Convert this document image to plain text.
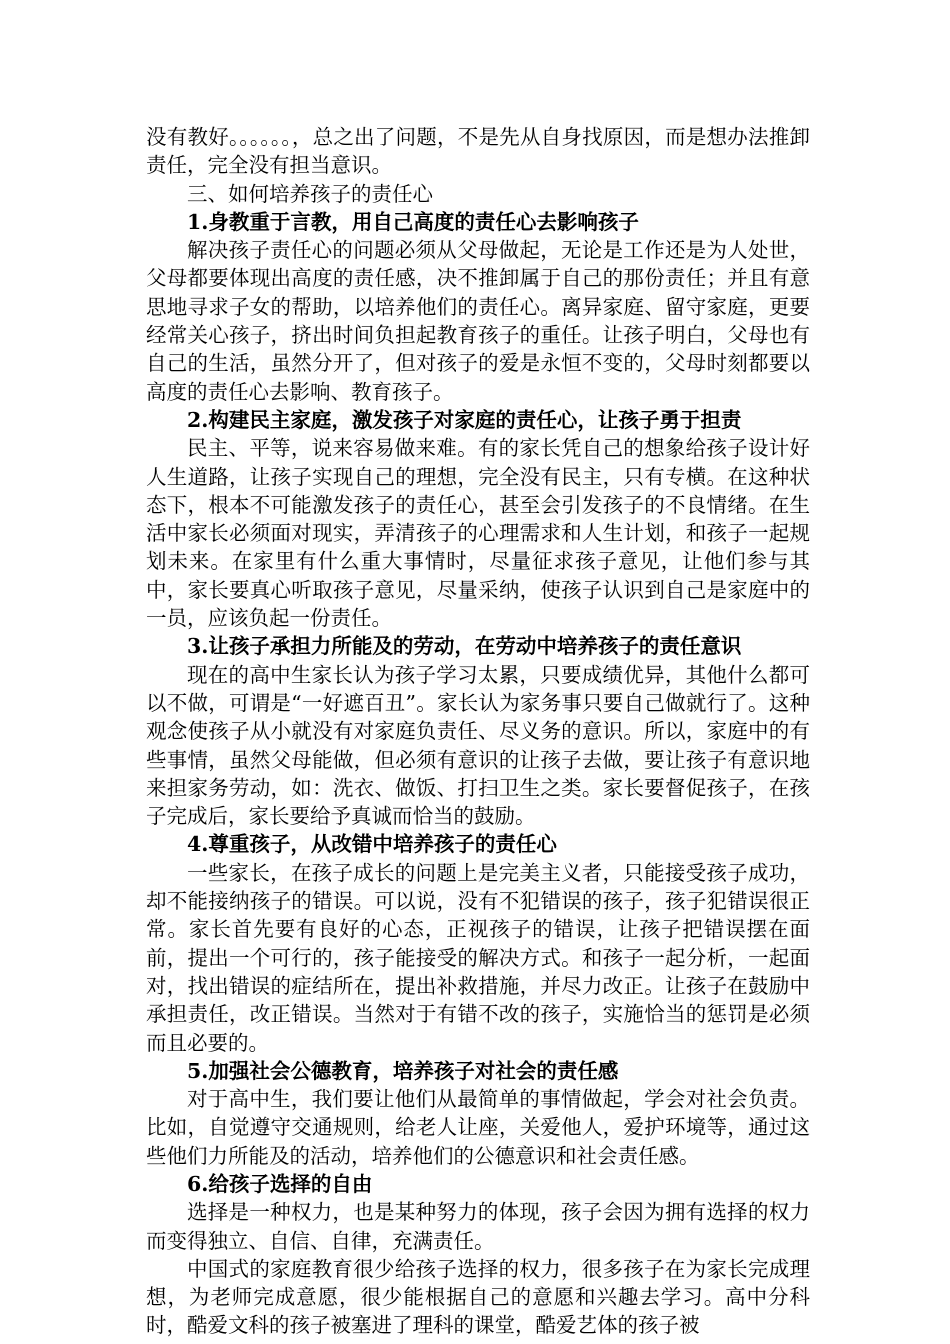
没有教好。。。。。。，总之出了问题，不是先从自身找原因，而是想办法推卸责任，完全没有担当意识。

三、如何培养孩子的责任心
1.身教重于言教，用自己高度的责任心去影响孩子

解决孩子责任心的问题必须从父母做起，无论是工作还是为人处世，父母都要体现出高度的责任感，决不推卸属于自己的那份责任；并且有意思地寻求子女的帮助，以培养他们的责任心。离异家庭、留守家庭，更要经常关心孩子，挤出时间负担起教育孩子的重任。让孩子明白，父母也有自己的生活，虽然分开了，但对孩子的爱是永恒不变的，父母时刻都要以高度的责任心去影响、教育孩子。

2.构建民主家庭，激发孩子对家庭的责任心，让孩子勇于担责

民主、平等，说来容易做来难。有的家长凭自己的想象给孩子设计好人生道路，让孩子实现自己的理想，完全没有民主，只有专横。在这种状态下，根本不可能激发孩子的责任心，甚至会引发孩子的不良情绪。在生活中家长必须面对现实，弄清孩子的心理需求和人生计划，和孩子一起规划未来。在家里有什么重大事情时，尽量征求孩子意见，让他们参与其中，家长要真心听取孩子意见，尽量采纳，使孩子认识到自己是家庭中的一员，应该负起一份责任。

3.让孩子承担力所能及的劳动，在劳动中培养孩子的责任意识

现在的高中生家长认为孩子学习太累，只要成绩优异，其他什么都可以不做，可谓是“一好遮百丑”。家长认为家务事只要自己做就行了。这种观念使孩子从小就没有对家庭负责任、尽义务的意识。所以，家庭中的有些事情，虽然父母能做，但必须有意识的让孩子去做，要让孩子有意识地来担家务劳动，如：洗衣、做饭、打扫卫生之类。家长要督促孩子，在孩子完成后，家长要给予真诚而恰当的鼓励。

4.尊重孩子，从改错中培养孩子的责任心

一些家长，在孩子成长的问题上是完美主义者，只能接受孩子成功，却不能接纳孩子的错误。可以说，没有不犯错误的孩子，孩子犯错误很正常。家长首先要有良好的心态，正视孩子的错误，让孩子把错误摆在面前，提出一个可行的，孩子能接受的解决方式。和孩子一起分析，一起面对，找出错误的症结所在，提出补救措施，并尽力改正。让孩子在鼓励中承担责任，改正错误。当然对于有错不改的孩子，实施恰当的惩罚是必须而且必要的。

5.加强社会公德教育，培养孩子对社会的责任感

对于高中生，我们要让他们从最简单的事情做起，学会对社会负责。比如，自觉遵守交通规则，给老人让座，关爱他人，爱护环境等，通过这些他们力所能及的活动，培养他们的公德意识和社会责任感。

6.给孩子选择的自由

选择是一种权力，也是某种努力的体现，孩子会因为拥有选择的权力而变得独立、自信、自律，充满责任。

中国式的家庭教育很少给孩子选择的权力，很多孩子在为家长完成理想，为老师完成意愿，很少能根据自己的意愿和兴趣去学习。高中分科时，酷爱文科的孩子被塞进了理科的课堂，酷爱艺体的孩子被
